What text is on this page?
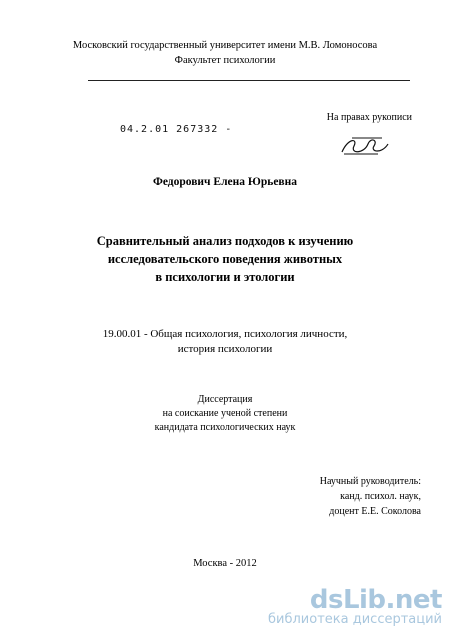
Московский государственный университет имени М.В. Ломоносова
Факультет психологии
На правах рукописи
04.2.01 267332 -
Федорович Елена Юрьевна
Сравнительный анализ подходов к изучению
исследовательского поведения животных
в психологии и этологии
19.00.01 - Общая психология, психология личности,
история психологии
Диссертация
на соискание ученой степени
кандидата психологических наук
Научный руководитель:
канд. психол. наук,
доцент Е.Е. Соколова
Москва - 2012
dsLib.net
библиотека диссертаций
